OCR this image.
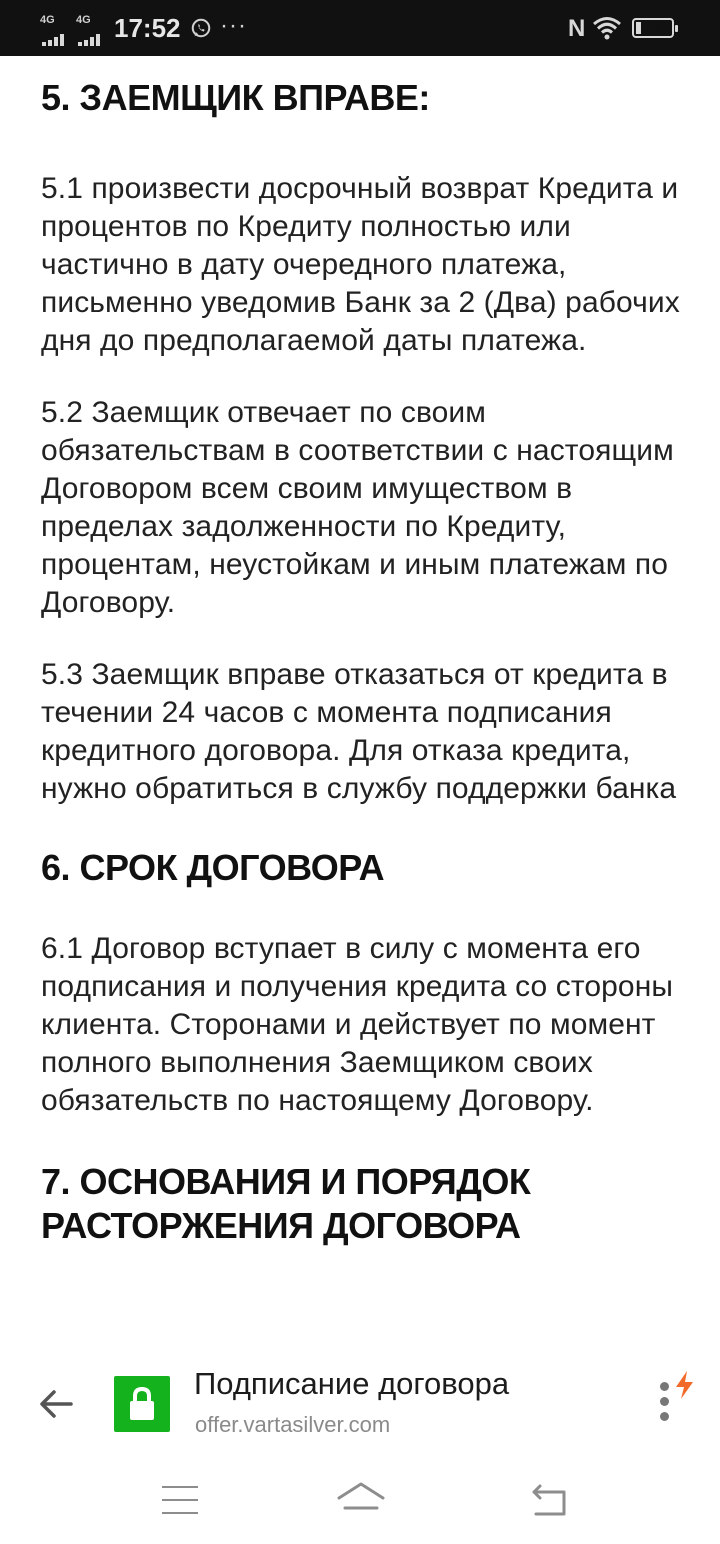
4G 4G 17:52 ···	N	13
5. ЗАЕМЩИК ВПРАВЕ:

5.1 произвести досрочный возврат Кредита и процентов по Кредиту полностью или частично в дату очередного платежа, письменно уведомив Банк за 2 (Два) рабочих дня до предполагаемой даты платежа.

5.2 Заемщик отвечает по своим обязательствам в соответствии с настоящим Договором всем своим имуществом в пределах задолженности по Кредиту, процентам, неустойкам и иным платежам по Договору.

5.3 Заемщик вправе отказаться от кредита в течении 24 часов с момента подписания кредитного договора. Для отказа кредита, нужно обратиться в службу поддержки банка

6. СРОК ДОГОВОРА

6.1 Договор вступает в силу с момента его подписания и получения кредита со стороны клиента. Сторонами и действует по момент полного выполнения Заемщиком своих обязательств по настоящему Договору.

7. ОСНОВАНИЯ И ПОРЯДОК РАСТОРЖЕНИЯ ДОГОВОРА
Подписание договора
offer.vartasilver.com
